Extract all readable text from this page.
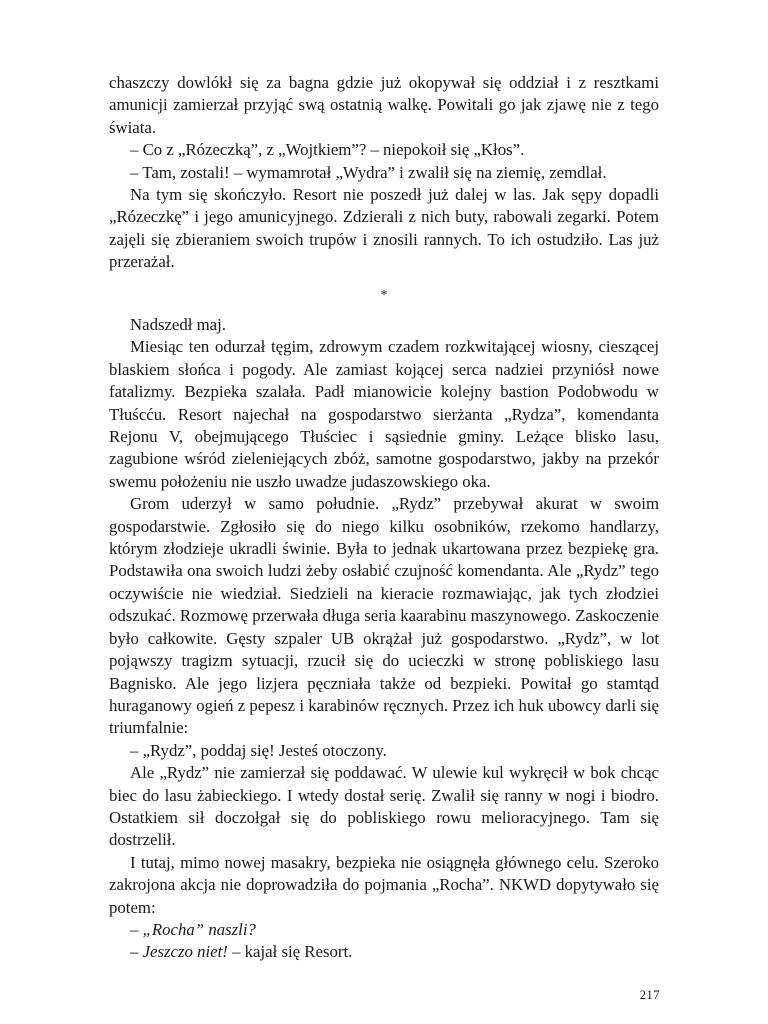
chaszczy dowlókł się za bagna gdzie już okopywał się oddział i z resztkami amunicji zamierzał przyjąć swą ostatnią walkę. Powitali go jak zjawę nie z tego świata.

– Co z „Rózeczką”, z „Wojtkiem”? – niepokoił się „Kłos”.

– Tam, zostali! – wymamrotał „Wydra” i zwalił się na ziemię, zemdlał.

Na tym się skończyło. Resort nie poszedł już dalej w las. Jak sępy dopadli „Rózeczkę” i jego amunicyjnego. Zdzierali z nich buty, rabowali zegarki. Potem zajęli się zbieraniem swoich trupów i znosili rannych. To ich ostudziło. Las już przerażał.

*

Nadszedł maj.

Miesiąc ten odurzał tęgim, zdrowym czadem rozkwitającej wiosny, cieszącej blaskiem słońca i pogody. Ale zamiast kojącej serca nadziei przyniósł nowe fatalizmy. Bezpieka szalała. Padł mianowicie kolejny bastion Podobwodu w Tłuścću. Resort najechał na gospodarstwo sierżanta „Rydza”, komendanta Rejonu V, obejmującego Tłuściec i sąsiednie gminy. Leżące blisko lasu, zagubione wśród zieleniejących zbóż, samotne gospodarstwo, jakby na przekór swemu położeniu nie uszło uwadze judaszowskiego oka.

Grom uderzył w samo południe. „Rydz” przebywał akurat w swoim gospodarstwie. Zgłosiło się do niego kilku osobników, rzekomo handlarzy, którym złodzieje ukradli świnie. Była to jednak ukartowana przez bezpiekę gra. Podstawiła ona swoich ludzi żeby osłabić czujność komendanta. Ale „Rydz” tego oczywiście nie wiedział. Siedzieli na kieracie rozmawiając, jak tych złodziei odszukać. Rozmowę przerwała długa seria kaarabinu maszynowego. Zaskoczenie było całkowite. Gęsty szpaler UB okrążał już gospodarstwo. „Rydz”, w lot pojąwszy tragizm sytuacji, rzucił się do ucieczki w stronę pobliskiego lasu Bagnisko. Ale jego lizjera pęczniała także od bezpieki. Powitał go stamtąd huraganowy ogień z pepesz i karabinów ręcznych. Przez ich huk ubowcy darli się triumfalnie:

– „Rydz”, poddaj się! Jesteś otoczony.

Ale „Rydz” nie zamierzał się poddawać. W ulewie kul wykręcił w bok chcąc biec do lasu żabieckiego. I wtedy dostał serię. Zwalił się ranny w nogi i biodro. Ostatkiem sił doczołgał się do pobliskiego rowu melioracyjnego. Tam się dostrzelił.

I tutaj, mimo nowej masakry, bezpieka nie osiągnęła głównego celu. Szeroko zakrojona akcja nie doprowadziła do pojmania „Rocha”. NKWD dopytywało się potem:

– „Rocha” naszli?

– Jeszczo niet! – kajał się Resort.

217
